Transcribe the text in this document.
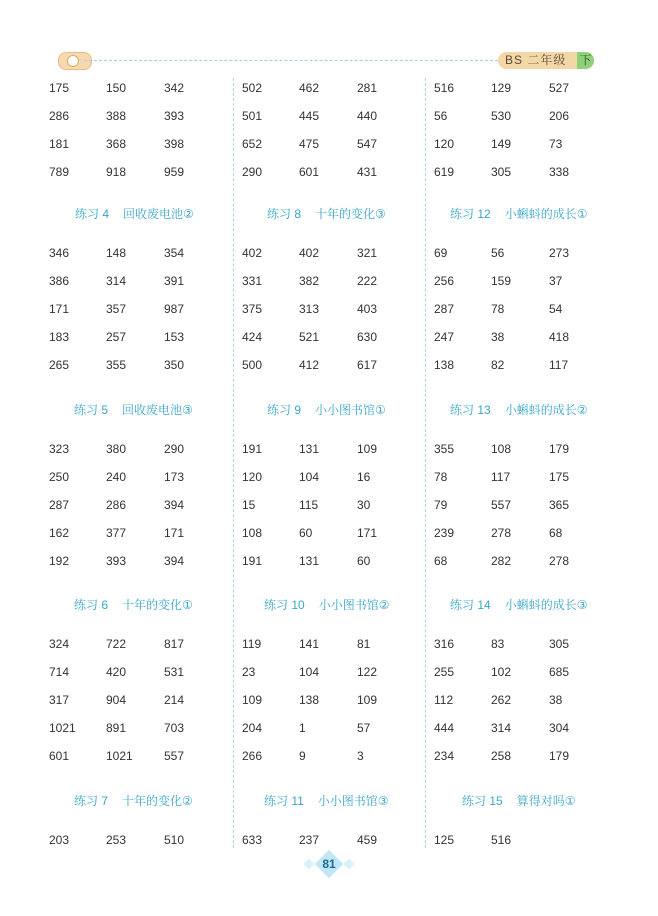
BS 二年级 下
175	150	342
286	388	393
181	368	398
789	918	959
练习 4 回收废电池②
346	148	354
386	314	391
171	357	987
183	257	153
265	355	350
练习 5 回收废电池③
323	380	290
250	240	173
287	286	394
162	377	171
192	393	394
练习 6 十年的变化①
324	722	817
714	420	531
317	904	214
1021	891	703
601	1021	557
练习 7 十年的变化②
203	253	510
502	462	281
501	445	440
652	475	547
290	601	431
练习 8 十年的变化③
402	402	321
331	382	222
375	313	403
424	521	630
500	412	617
练习 9 小小图书馆①
191	131	109
120	104	16
15	115	30
108	60	171
191	131	60
练习 10 小小图书馆②
119	141	81
23	104	122
109	138	109
204	1	57
266	9	3
练习 11 小小图书馆③
633	237	459
516	129	527
56	530	206
120	149	73
619	305	338
练习 12 小蝌蚪的成长①
69	56	273
256	159	37
287	78	54
247	38	418
138	82	117
练习 13 小蝌蚪的成长②
355	108	179
78	117	175
79	557	365
239	278	68
68	282	278
练习 14 小蝌蚪的成长③
316	83	305
255	102	685
112	262	38
444	314	304
234	258	179
练习 15 算得对吗①
125	516
81
